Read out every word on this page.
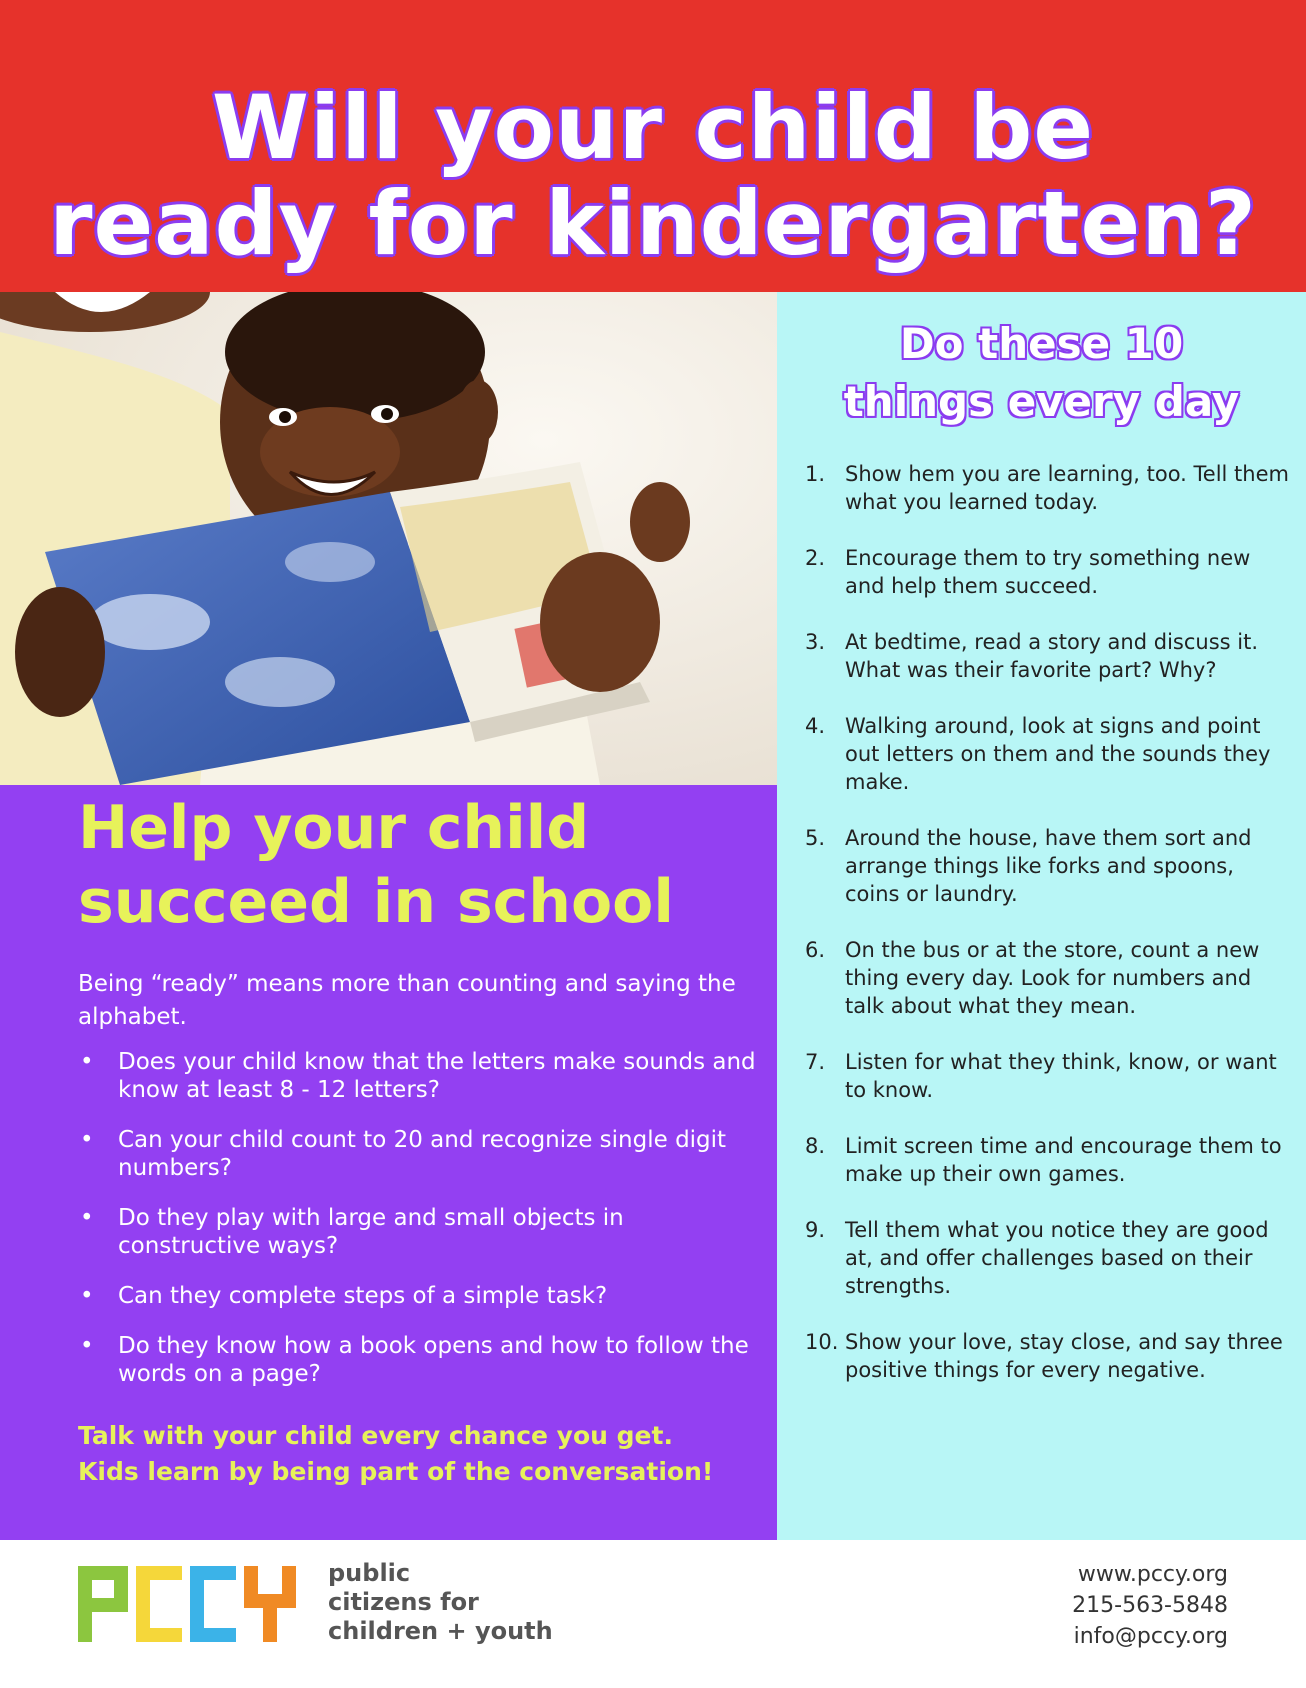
Will your child be
ready for kindergarten?
Help your child
succeed in school
Being “ready” means more than counting and saying the alphabet.
• Does your child know that the letters make sounds and know at least 8 - 12 letters?
• Can your child count to 20 and recognize single digit numbers?
• Do they play with large and small objects in constructive ways?
• Can they complete steps of a simple task?
• Do they know how a book opens and how to follow the words on a page?
Talk with your child every chance you get.
Kids learn by being part of the conversation!
Do these 10
things every day
1. Show hem you are learning, too. Tell them what you learned today.
2. Encourage them to try something new and help them succeed.
3. At bedtime, read a story and discuss it. What was their favorite part? Why?
4. Walking around, look at signs and point out letters on them and the sounds they make.
5. Around the house, have them sort and arrange things like forks and spoons, coins or laundry.
6. On the bus or at the store, count a new thing every day. Look for numbers and talk about what they mean.
7. Listen for what they think, know, or want to know.
8. Limit screen time and encourage them to make up their own games.
9. Tell them what you notice they are good at, and offer challenges based on their strengths.
10. Show your love, stay close, and say three positive things for every negative.
PCCY	public
citizens for
children + youth
www.pccy.org
215-563-5848
info@pccy.org
